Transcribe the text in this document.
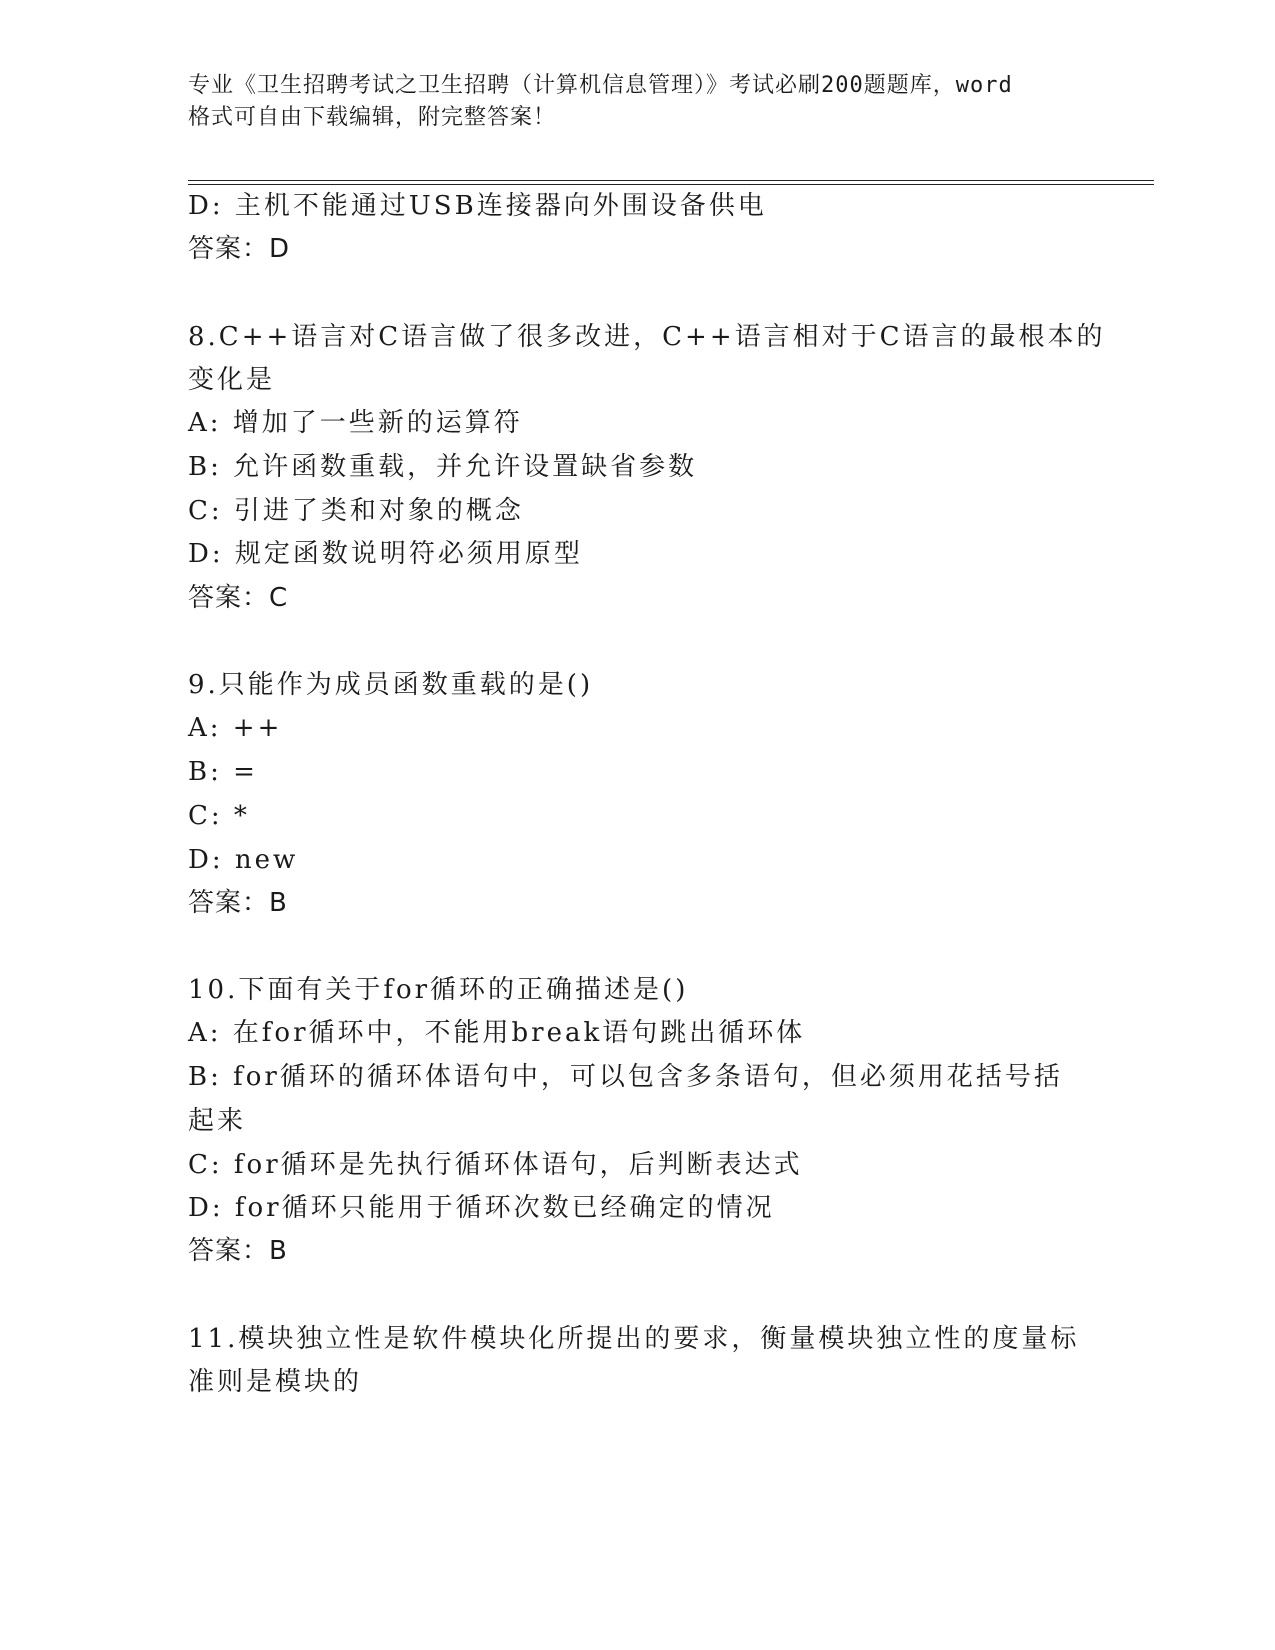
专业《卫生招聘考试之卫生招聘（计算机信息管理）》考试必刷200题题库，word
格式可自由下载编辑，附完整答案！
D: 主机不能通过USB连接器向外围设备供电
答案：D
8.C++语言对C语言做了很多改进，C++语言相对于C语言的最根本的
变化是
A: 增加了一些新的运算符
B: 允许函数重载，并允许设置缺省参数
C: 引进了类和对象的概念
D: 规定函数说明符必须用原型
答案：C
9.只能作为成员函数重载的是()
A: ++
B: =
C: *
D: new
答案：B
10.下面有关于for循环的正确描述是()
A: 在for循环中，不能用break语句跳出循环体
B: for循环的循环体语句中，可以包含多条语句，但必须用花括号括
起来
C: for循环是先执行循环体语句，后判断表达式
D: for循环只能用于循环次数已经确定的情况
答案：B
11.模块独立性是软件模块化所提出的要求，衡量模块独立性的度量标
准则是模块的
